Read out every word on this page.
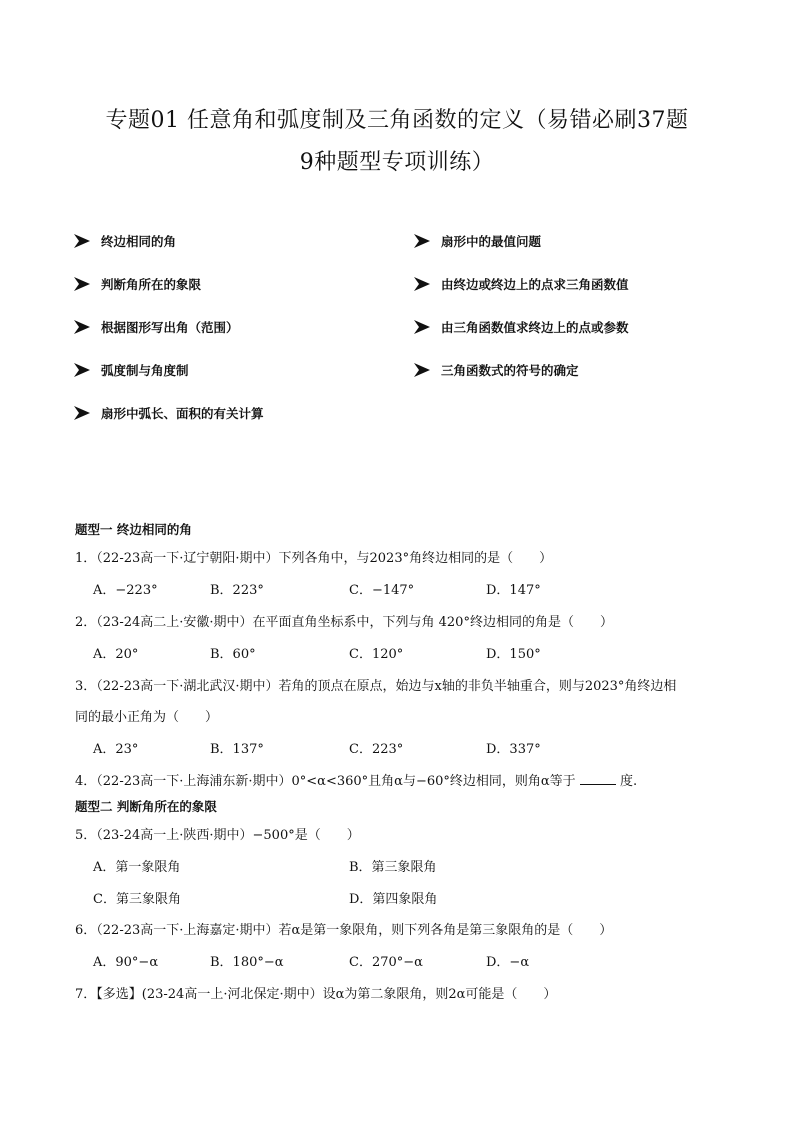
专题01 任意角和弧度制及三角函数的定义（易错必刷37题
9种题型专项训练）
终边相同的角	扇形中的最值问题
判断角所在的象限	由终边或终边上的点求三角函数值
根据图形写出角（范围）	由三角函数值求终边上的点或参数
弧度制与角度制	三角函数式的符号的确定
扇形中弧长、面积的有关计算
题型一 终边相同的角
1．（22-23高一下·辽宁朝阳·期中）下列各角中，与2023°角终边相同的是（　　）
A．−223°	B．223°	C．−147°	D．147°
2．（23-24高二上·安徽·期中）在平面直角坐标系中，下列与角 420°终边相同的角是（　　）
A．20°	B．60°	C．120°	D．150°
3．（22-23高一下·湖北武汉·期中）若角的顶点在原点，始边与x轴的非负半轴重合，则与2023°角终边相
同的最小正角为（　　）
A．23°	B．137°	C．223°	D．337°
4．（22-23高一下·上海浦东新·期中）0°<α<360°且角α与−60°终边相同，则角α等于	度.
题型二 判断角所在的象限
5．（23-24高一上·陕西·期中）−500°是（　　）
A．第一象限角	B．第三象限角
C．第三象限角	D．第四象限角
6．（22-23高一下·上海嘉定·期中）若α是第一象限角，则下列各角是第三象限角的是（　　）
A．90°−α	B．180°−α	C．270°−α	D．−α
7．【多选】(23-24高一上·河北保定·期中）设α为第二象限角，则2α可能是（　　）
